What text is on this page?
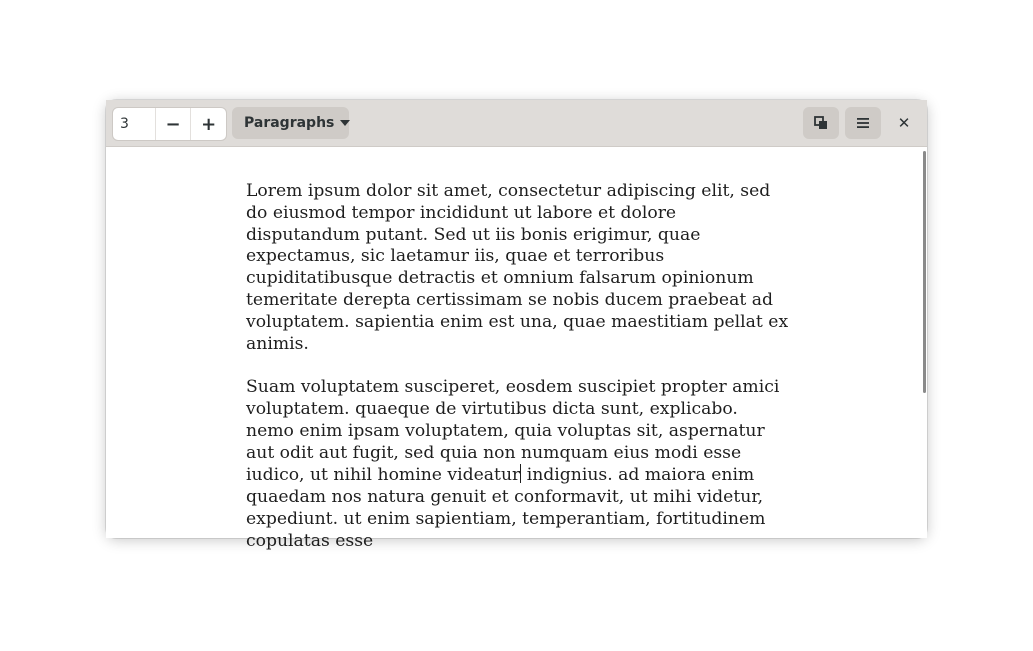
3	−	+	Paragraphs	✕

Lorem ipsum dolor sit amet, consectetur adipiscing elit, sed do eiusmod tempor incididunt ut labore et dolore disputandum putant. Sed ut iis bonis erigimur, quae expectamus, sic laetamur iis, quae et terroribus cupiditatibusque detractis et omnium falsarum opinionum temeritate derepta certissimam se nobis ducem praebeat ad voluptatem. sapientia enim est una, quae maestitiam pellat ex animis.

Suam voluptatem susciperet, eosdem suscipiet propter amici voluptatem. quaeque de virtutibus dicta sunt, explicabo. nemo enim ipsam voluptatem, quia voluptas sit, aspernatur aut odit aut fugit, sed quia non numquam eius modi esse iudico, ut nihil homine videatur indignius. ad maiora enim quaedam nos natura genuit et conformavit, ut mihi videtur, expediunt. ut enim sapientiam, temperantiam, fortitudinem copulatas esse
